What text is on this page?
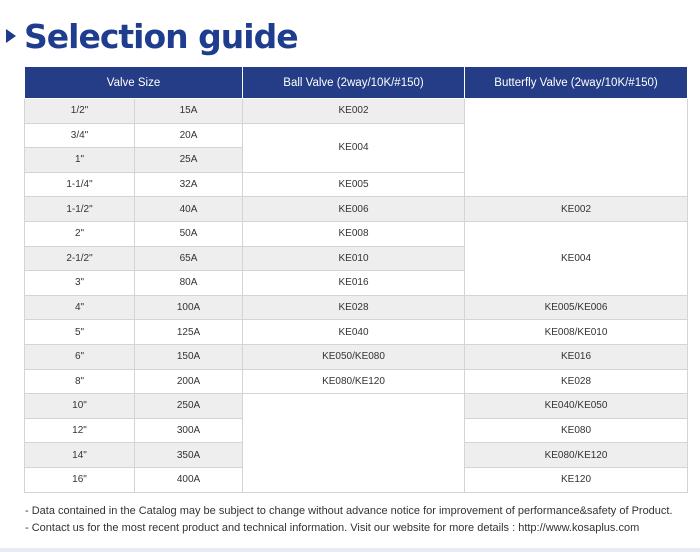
Selection guide
Valve Size		Ball Valve (2way/10K/#150)	Butterfly Valve (2way/10K/#150)
1/2"	15A	KE002	
3/4"	20A	KE004	
1"	25A		
1-1/4"	32A	KE005	
1-1/2"	40A	KE006	KE002
2"	50A	KE008	KE004
2-1/2"	65A	KE010	
3"	80A	KE016	
4"	100A	KE028	KE005/KE006
5"	125A	KE040	KE008/KE010
6"	150A	KE050/KE080	KE016
8"	200A	KE080/KE120	KE028
10"	250A		KE040/KE050
12"	300A		KE080
14"	350A		KE080/KE120
16"	400A		KE120
- Data contained in the Catalog may be subject to change without advance notice for improvement of performance&safety of Product.
- Contact us for the most recent product and technical information. Visit our website for more details : http://www.kosaplus.com
